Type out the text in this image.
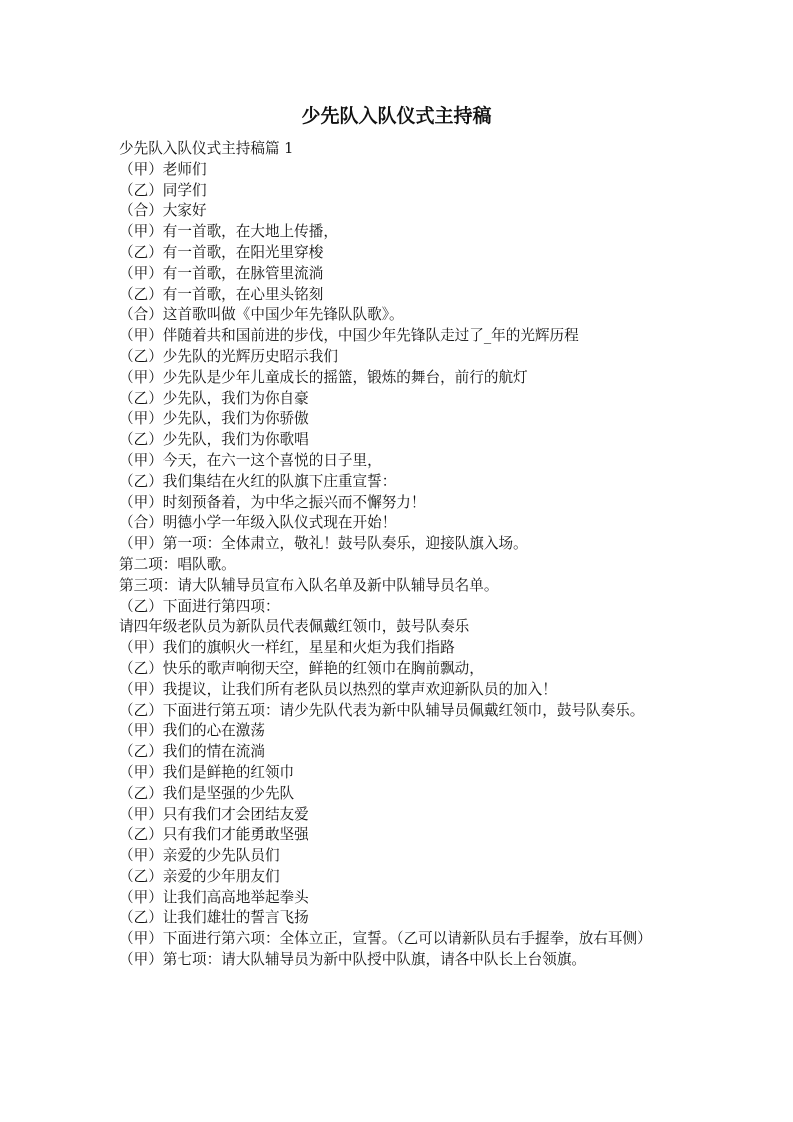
少先队入队仪式主持稿

少先队入队仪式主持稿篇 1

（甲）老师们

（乙）同学们

（合）大家好

（甲）有一首歌，在大地上传播，

（乙）有一首歌，在阳光里穿梭

（甲）有一首歌，在脉管里流淌

（乙）有一首歌，在心里头铭刻

（合）这首歌叫做《中国少年先锋队队歌》。

（甲）伴随着共和国前进的步伐，中国少年先锋队走过了_年的光辉历程

（乙）少先队的光辉历史昭示我们

（甲）少先队是少年儿童成长的摇篮，锻炼的舞台，前行的航灯

（乙）少先队，我们为你自豪

（甲）少先队，我们为你骄傲

（乙）少先队，我们为你歌唱

（甲）今天，在六一这个喜悦的日子里，

（乙）我们集结在火红的队旗下庄重宣誓：

（甲）时刻预备着，为中华之振兴而不懈努力！

（合）明德小学一年级入队仪式现在开始！

（甲）第一项：全体肃立，敬礼！鼓号队奏乐，迎接队旗入场。

第二项：唱队歌。

第三项：请大队辅导员宣布入队名单及新中队辅导员名单。

（乙）下面进行第四项：

请四年级老队员为新队员代表佩戴红领巾，鼓号队奏乐

（甲）我们的旗帜火一样红，星星和火炬为我们指路

（乙）快乐的歌声响彻天空，鲜艳的红领巾在胸前飘动，

（甲）我提议，让我们所有老队员以热烈的掌声欢迎新队员的加入！

（乙）下面进行第五项：请少先队代表为新中队辅导员佩戴红领巾，鼓号队奏乐。

（甲）我们的心在激荡

（乙）我们的情在流淌

（甲）我们是鲜艳的红领巾

（乙）我们是坚强的少先队

（甲）只有我们才会团结友爱

（乙）只有我们才能勇敢坚强

（甲）亲爱的少先队员们

（乙）亲爱的少年朋友们

（甲）让我们高高地举起拳头

（乙）让我们雄壮的誓言飞扬

（甲）下面进行第六项：全体立正，宣誓。（乙可以请新队员右手握拳，放右耳侧）

（甲）第七项：请大队辅导员为新中队授中队旗，请各中队长上台领旗。
